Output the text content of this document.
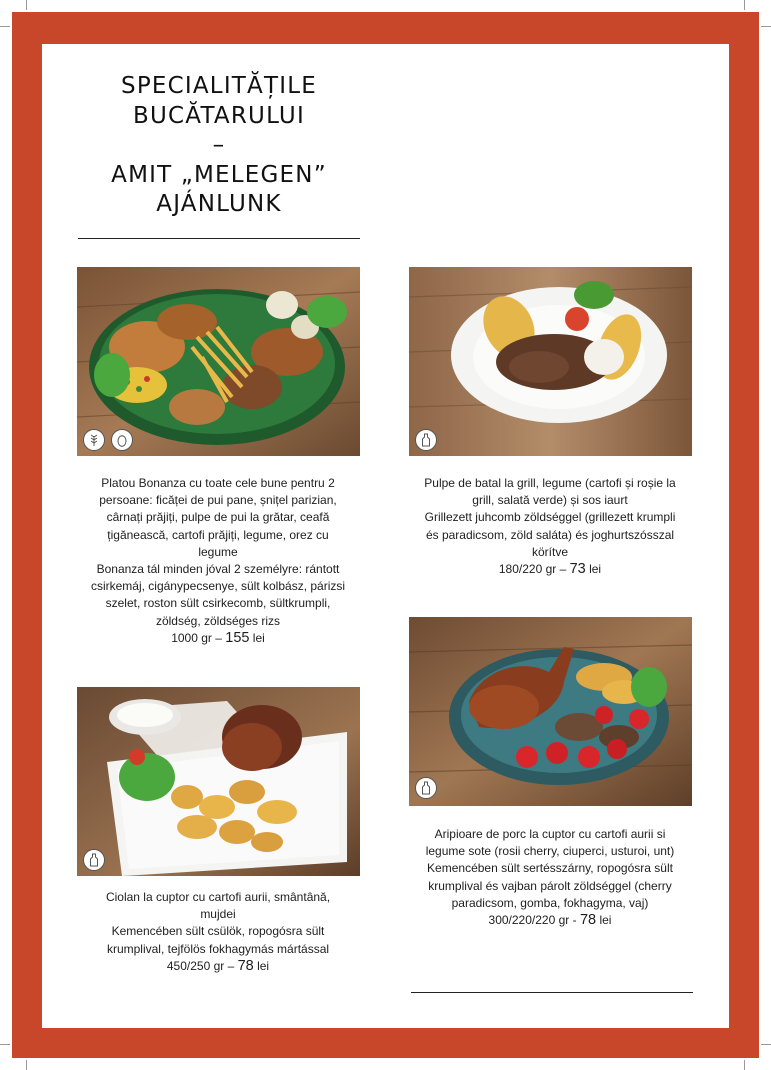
SPECIALITĂȚILE
BUCĂTARULUI
–
AMIT „MELEGEN”
AJÁNLUNK
Platou Bonanza cu toate cele bune pentru 2
persoane: ficăței de pui pane, șnițel parizian,
cârnați prăjiți, pulpe de pui la grătar, ceafă
țigănească, cartofi prăjiți, legume, orez cu
legume
Bonanza tál minden jóval 2 személyre: rántott
csirkemáj, cigánypecsenye, sült kolbász, párizsi
szelet, roston sült csirkecomb, sültkrumpli,
zöldség, zöldséges rizs
1000 gr – 155 lei
Pulpe de batal la grill, legume (cartofi și roșie la
grill, salată verde) și sos iaurt
Grillezett juhcomb zöldséggel (grillezett krumpli
és paradicsom, zöld saláta) és joghurtszósszal
körítve
180/220 gr – 73 lei
Ciolan la cuptor cu cartofi aurii, smântână,
mujdei
Kemencében sült csülök, ropogósra sült
krumplival, tejfölös fokhagymás mártással
450/250 gr – 78 lei
Aripioare de porc la cuptor cu cartofi aurii si
legume sote (rosii cherry, ciuperci, usturoi, unt)
Kemencében sült sertésszárny, ropogósra sült
krumplival és vajban párolt zöldséggel (cherry
paradicsom, gomba, fokhagyma, vaj)
300/220/220 gr - 78 lei
